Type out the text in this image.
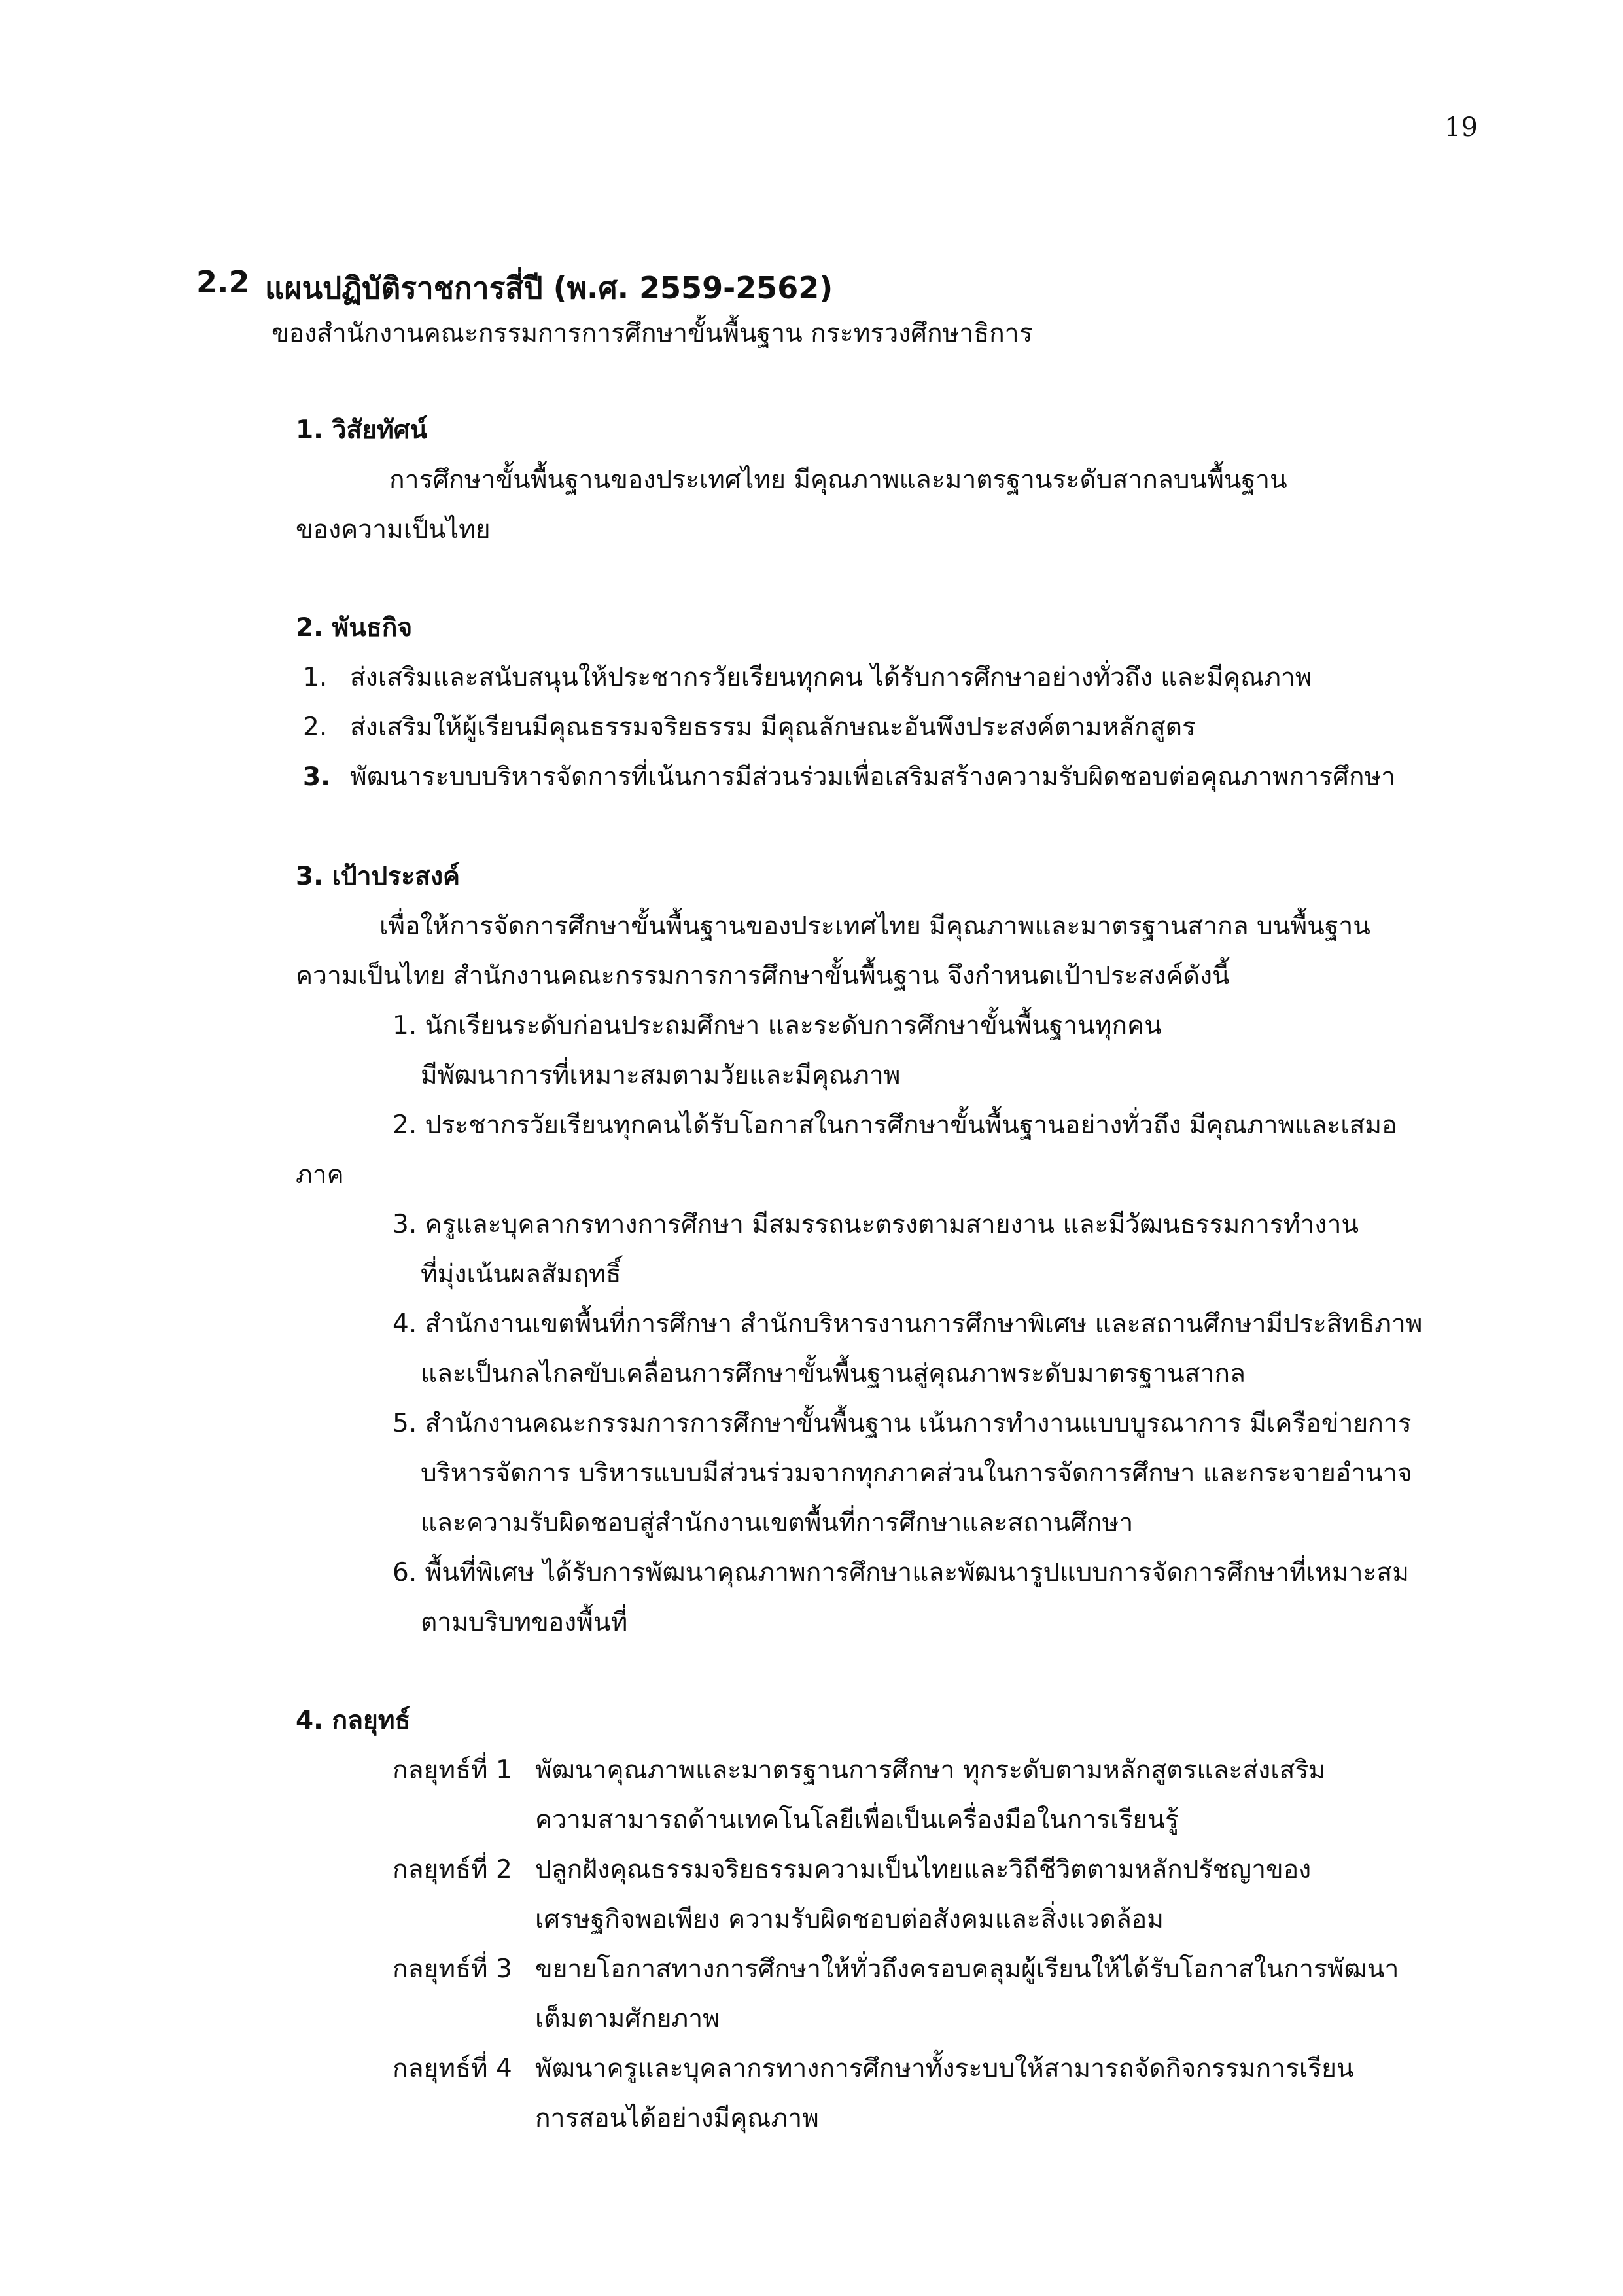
19
2.2 แผนปฏิบัติราชการสี่ปี (พ.ศ. 2559-2562)
ของสำนักงานคณะกรรมการการศึกษาขั้นพื้นฐาน กระทรวงศึกษาธิการ
1. วิสัยทัศน์
การศึกษาขั้นพื้นฐานของประเทศไทย มีคุณภาพและมาตรฐานระดับสากลบนพื้นฐาน
ของความเป็นไทย
2. พันธกิจ
1. ส่งเสริมและสนับสนุนให้ประชากรวัยเรียนทุกคน ได้รับการศึกษาอย่างทั่วถึง และมีคุณภาพ
2. ส่งเสริมให้ผู้เรียนมีคุณธรรมจริยธรรม มีคุณลักษณะอันพึงประสงค์ตามหลักสูตร
3. พัฒนาระบบบริหารจัดการที่เน้นการมีส่วนร่วมเพื่อเสริมสร้างความรับผิดชอบต่อคุณภาพการศึกษา
3. เป้าประสงค์
เพื่อให้การจัดการศึกษาขั้นพื้นฐานของประเทศไทย มีคุณภาพและมาตรฐานสากล บนพื้นฐาน
ความเป็นไทย สำนักงานคณะกรรมการการศึกษาขั้นพื้นฐาน จึงกำหนดเป้าประสงค์ดังนี้
1. นักเรียนระดับก่อนประถมศึกษา และระดับการศึกษาขั้นพื้นฐานทุกคน
มีพัฒนาการที่เหมาะสมตามวัยและมีคุณภาพ
2. ประชากรวัยเรียนทุกคนได้รับโอกาสในการศึกษาขั้นพื้นฐานอย่างทั่วถึง มีคุณภาพและเสมอ
ภาค
3. ครูและบุคลากรทางการศึกษา มีสมรรถนะตรงตามสายงาน และมีวัฒนธรรมการทำงาน
ที่มุ่งเน้นผลสัมฤทธิ์
4. สำนักงานเขตพื้นที่การศึกษา สำนักบริหารงานการศึกษาพิเศษ และสถานศึกษามีประสิทธิภาพ
และเป็นกลไกลขับเคลื่อนการศึกษาขั้นพื้นฐานสู่คุณภาพระดับมาตรฐานสากล
5. สำนักงานคณะกรรมการการศึกษาขั้นพื้นฐาน เน้นการทำงานแบบบูรณาการ มีเครือข่ายการ
บริหารจัดการ บริหารแบบมีส่วนร่วมจากทุกภาคส่วนในการจัดการศึกษา และกระจายอำนาจ
และความรับผิดชอบสู่สำนักงานเขตพื้นที่การศึกษาและสถานศึกษา
6. พื้นที่พิเศษ ได้รับการพัฒนาคุณภาพการศึกษาและพัฒนารูปแบบการจัดการศึกษาที่เหมาะสม
ตามบริบทของพื้นที่
4. กลยุทธ์
กลยุทธ์ที่ 1 พัฒนาคุณภาพและมาตรฐานการศึกษา ทุกระดับตามหลักสูตรและส่งเสริม
ความสามารถด้านเทคโนโลยีเพื่อเป็นเครื่องมือในการเรียนรู้
กลยุทธ์ที่ 2 ปลูกฝังคุณธรรมจริยธรรมความเป็นไทยและวิถีชีวิตตามหลักปรัชญาของ
เศรษฐกิจพอเพียง ความรับผิดชอบต่อสังคมและสิ่งแวดล้อม
กลยุทธ์ที่ 3 ขยายโอกาสทางการศึกษาให้ทั่วถึงครอบคลุมผู้เรียนให้ได้รับโอกาสในการพัฒนา
เต็มตามศักยภาพ
กลยุทธ์ที่ 4 พัฒนาครูและบุคลากรทางการศึกษาทั้งระบบให้สามารถจัดกิจกรรมการเรียน
การสอนได้อย่างมีคุณภาพ
